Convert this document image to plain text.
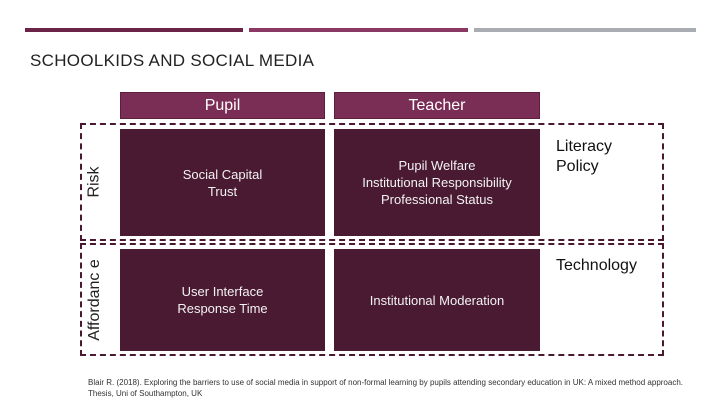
SCHOOLKIDS AND SOCIAL MEDIA
Pupil	Teacher
Risk
Affordanc e
Social Capital
Trust
Pupil Welfare
Institutional Responsibility
Professional Status
User Interface
Response Time
Institutional Moderation
Literacy
Policy
Technology
Blair R. (2018). Exploring the barriers to use of social media in support of non-formal learning by pupils attending secondary education in UK: A mixed method approach. Thesis, Uni of Southampton, UK
